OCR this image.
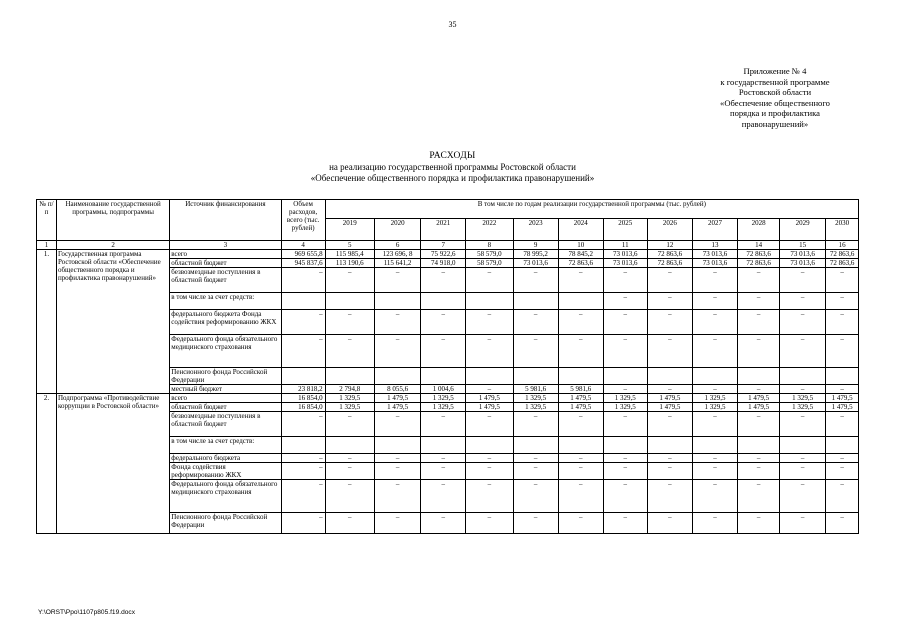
35
Приложение № 4
к государственной программе
Ростовской области
«Обеспечение общественного
порядка и профилактика
правонарушений»
РАСХОДЫ
на реализацию государственной программы Ростовской области
«Обеспечение общественного порядка и профилактика правонарушений»
№ п/п	Наименование государственной программы, подпрограммы	Источник финансирования	Объем расходов, всего (тыс. рублей)	В том числе по годам реализации государственной программы (тыс. рублей)											
				2019	2020	2021	2022	2023	2024	2025	2026	2027	2028	2029	2030
1	2	3	4	5	6	7	8	9	10	11	12	13	14	15	16
1.	Государственная программа Ростовской области «Обеспечение общественного порядка и профилактика правонарушений»	всего	969 655,8	115 985,4	123 696, 8	75 922,6	58 579,0	78 995,2	78 845,2	73 013,6	72 863,6	73 013,6	72 863,6	73 013,6	72 863,6
		областной бюджет	945 837,6	113 190,6	115 641,2	74 918,0	58 579,0	73 013,6	72 863,6	73 013,6	72 863,6	73 013,6	72 863,6	73 013,6	72 863,6
		безвозмездные поступления в областной бюджет	–	–	–	–	–	–	–	–	–	–	–	–	–
		в том числе за счет средств:								–	–	–	–	–	–
		федерального бюджета Фонда содействия реформированию ЖКХ	–	–	–	–	–	–	–	–	–	–	–	–	–
		Федерального фонда обязательного медицинского страхования	–	–	–	–	–	–	–	–	–	–	–	–	–
		Пенсионного фонда Российской Федерации													
		местный бюджет	23 818,2	2 794,8	8 055,6	1 004,6	–	5 981,6	5 981,6	–	–	–	–	–	–
2.	Подпрограмма «Противодействие коррупции в Ростовской области»	всего	16 854,0	1 329,5	1 479,5	1 329,5	1 479,5	1 329,5	1 479,5	1 329,5	1 479,5	1 329,5	1 479,5	1 329,5	1 479,5
		областной бюджет	16 854,0	1 329,5	1 479,5	1 329,5	1 479,5	1 329,5	1 479,5	1 329,5	1 479,5	1 329,5	1 479,5	1 329,5	1 479,5
		безвозмездные поступления в областной бюджет	–	–	–	–	–	–	–	–	–	–	–	–	–
		в том числе за счет средств:													
		федерального бюджета	–	–	–	–	–	–	–	–	–	–	–	–	–
		Фонда содействия реформированию ЖКХ	–	–	–	–	–	–	–	–	–	–	–	–	–
		Федерального фонда обязательного медицинского страхования	–	–	–	–	–	–	–	–	–	–	–	–	–
		Пенсионного фонда Российской Федерации	–	–	–	–	–	–	–	–	–	–	–	–	–
Y:\ORST\Ppo\1107p805.f19.docx
